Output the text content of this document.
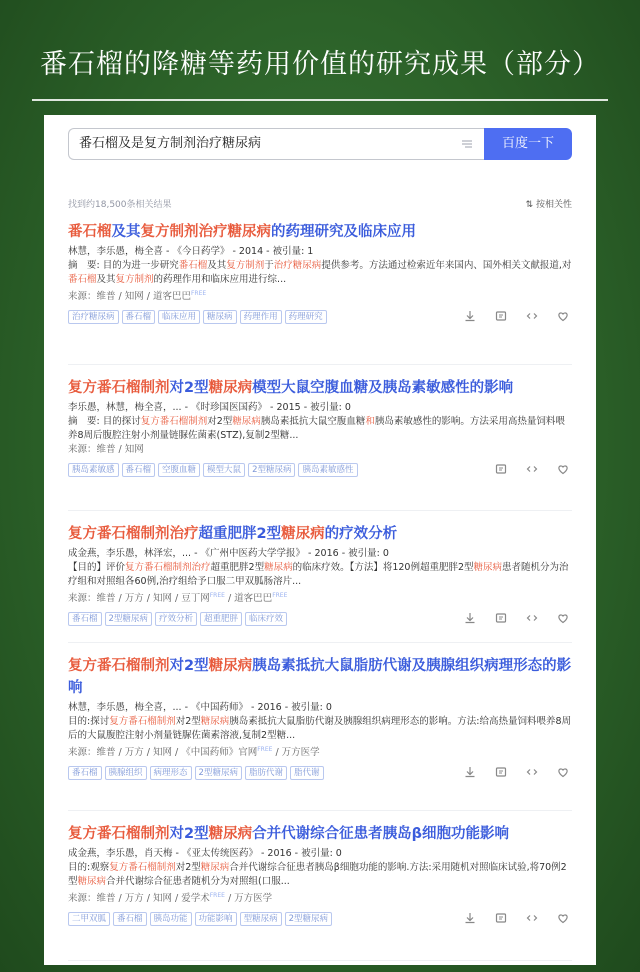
番石榴的降糖等药用价值的研究成果（部分）
番石榴及是复方制剂治疗糖尿病	百度一下
找到约18,500条相关结果	⇅ 按相关性
番石榴及其复方制剂治疗糖尿病的药理研究及临床应用
林慧，李乐愚，梅全喜 - 《今日药学》 - 2014 - 被引量: 1
摘　要: 目的为进一步研究番石榴及其复方制剂于治疗糖尿病提供参考。方法通过检索近年来国内、国外相关文献报道,对番石榴及其复方制剂的药理作用和临床应用进行综...
来源：维普 / 知网 / 道客巴巴$^{FREE}$
治疗糖尿病 番石榴 临床应用 糖尿病 药理作用 药理研究
复方番石榴制剂对2型糖尿病模型大鼠空腹血糖及胰岛素敏感性的影响
李乐愚，林慧，梅全喜，... - 《时珍国医国药》 - 2015 - 被引量: 0
摘　要: 目的探讨复方番石榴制剂对2型糖尿病胰岛素抵抗大鼠空腹血糖和胰岛素敏感性的影响。方法采用高热量饲料喂养8周后腹腔注射小剂量链脲佐菌素(STZ),复制2型糖...
来源：维普 / 知网
胰岛素敏感 番石榴 空腹血糖 模型大鼠 2型糖尿病 胰岛素敏感性
复方番石榴制剂治疗超重肥胖2型糖尿病的疗效分析
成金燕，李乐愚，林泽宏，... - 《广州中医药大学学报》 - 2016 - 被引量: 0
【目的】评价复方番石榴制剂治疗超重肥胖2型糖尿病的临床疗效。【方法】将120例超重肥胖2型糖尿病患者随机分为治疗组和对照组各60例,治疗组给予口服二甲双胍肠溶片...
来源：维普 / 万方 / 知网 / 豆丁网$^{FREE}$ / 道客巴巴$^{FREE}$
番石榴 2型糖尿病 疗效分析 超重肥胖 临床疗效
复方番石榴制剂对2型糖尿病胰岛素抵抗大鼠脂肪代谢及胰腺组织病理形态的影响
林慧，李乐愚，梅全喜，... - 《中国药师》 - 2016 - 被引量: 0
目的:探讨复方番石榴制剂对2型糖尿病胰岛素抵抗大鼠脂肪代谢及胰腺组织病理形态的影响。方法:给高热量饲料喂养8周后的大鼠腹腔注射小剂量链脲佐菌素溶液,复制2型糖...
来源：维普 / 万方 / 知网 / 《中国药师》官网$^{FREE}$ / 万方医学
番石榴 胰腺组织 病理形态 2型糖尿病 脂肪代谢 脂代谢
复方番石榴制剂对2型糖尿病合并代谢综合征患者胰岛β细胞功能影响
成金燕，李乐愚，肖天梅 - 《亚太传统医药》 - 2016 - 被引量: 0
目的:观察复方番石榴制剂对2型糖尿病合并代谢综合征患者胰岛β细胞功能的影响.方法:采用随机对照临床试验,将70例2型糖尿病合并代谢综合征患者随机分为对照组(口服...
来源：维普 / 万方 / 知网 / 爱学术$^{FREE}$ / 万方医学
二甲双胍 番石榴 胰岛功能 功能影响 型糖尿病 2型糖尿病
